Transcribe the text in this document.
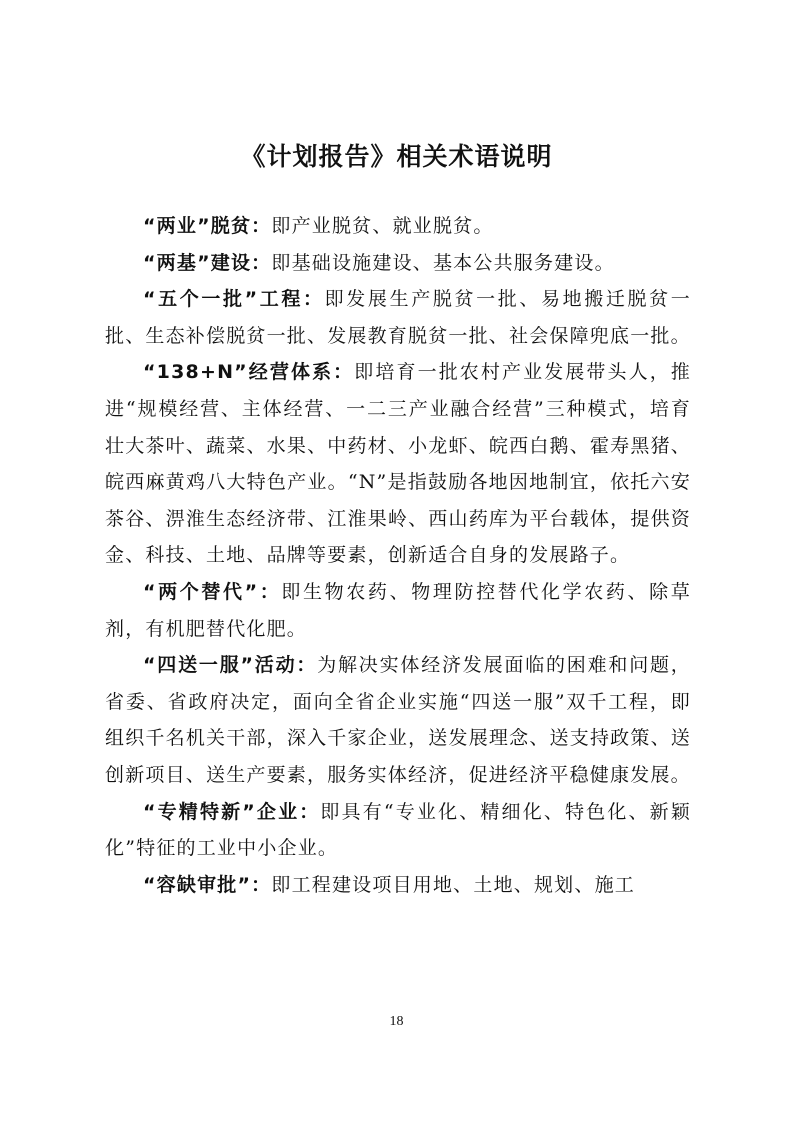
《计划报告》相关术语说明

“两业”脱贫：即产业脱贫、就业脱贫。

“两基”建设：即基础设施建设、基本公共服务建设。

“五个一批”工程：即发展生产脱贫一批、易地搬迁脱贫一批、生态补偿脱贫一批、发展教育脱贫一批、社会保障兜底一批。

“138+N”经营体系：即培育一批农村产业发展带头人，推进“规模经营、主体经营、一二三产业融合经营”三种模式，培育壮大茶叶、蔬菜、水果、中药材、小龙虾、皖西白鹅、霍寿黑猪、皖西麻黄鸡八大特色产业。“N”是指鼓励各地因地制宜，依托六安茶谷、淠淮生态经济带、江淮果岭、西山药库为平台载体，提供资金、科技、土地、品牌等要素，创新适合自身的发展路子。

“两个替代”：即生物农药、物理防控替代化学农药、除草剂，有机肥替代化肥。

“四送一服”活动：为解决实体经济发展面临的困难和问题，省委、省政府决定，面向全省企业实施“四送一服”双千工程，即组织千名机关干部，深入千家企业，送发展理念、送支持政策、送创新项目、送生产要素，服务实体经济，促进经济平稳健康发展。

“专精特新”企业：即具有“专业化、精细化、特色化、新颖化”特征的工业中小企业。

“容缺审批”：即工程建设项目用地、土地、规划、施工

18
